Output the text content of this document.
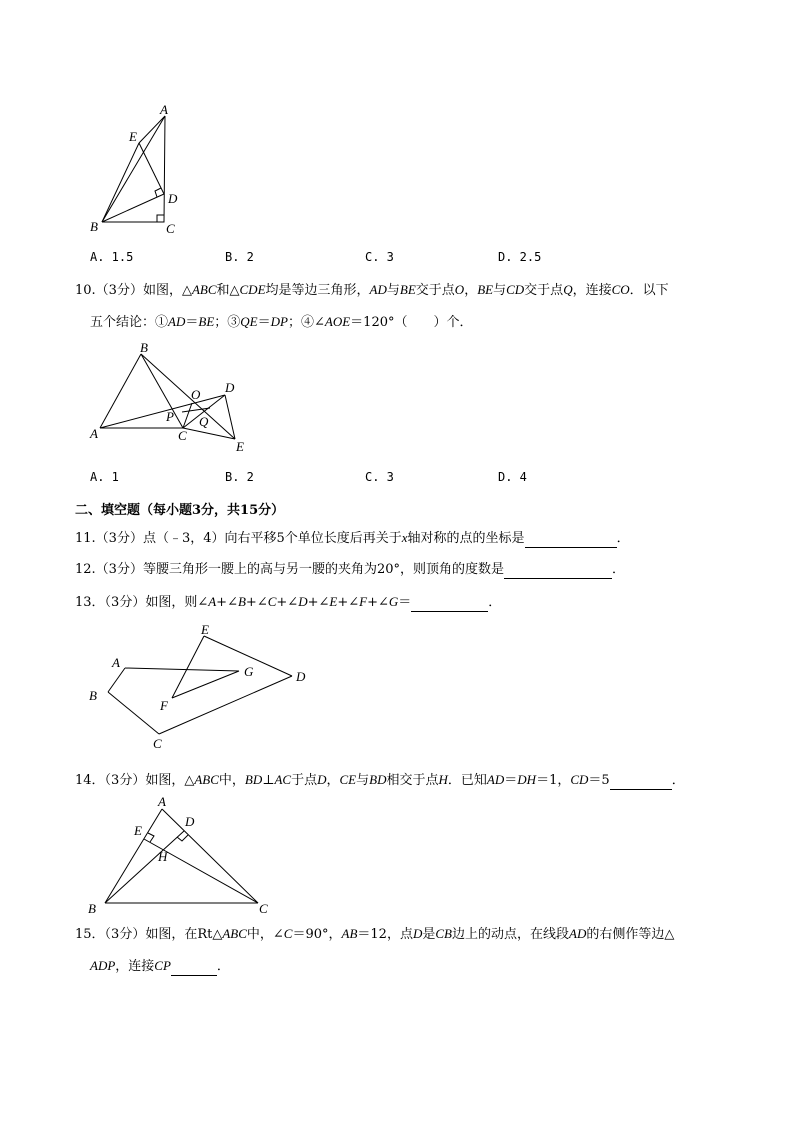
A
E
D
B	C
A. 1.5	B. 2	C. 3	D. 2.5
10.（3分）如图，△ABC和△CDE均是等边三角形，AD与BE交于点O，BE与CD交于点Q，连接CO．以下
五个结论：①AD＝BE；③QE＝DP；④∠AOE＝120°（　　）个．
B
O D
P Q
A	C
E
A. 1	B. 2	C. 3	D. 4
二、填空题（每小题3分，共15分）
11.（3分）点（﹣3，4）向右平移5个单位长度后再关于x轴对称的点的坐标是	．
12.（3分）等腰三角形一腰上的高与另一腰的夹角为20°，则顶角的度数是	．
13．（3分）如图，则∠A+∠B+∠C+∠D+∠E+∠F+∠G＝	．
E
A
G	D
B
F
C
14．（3分）如图，△ABC中，BD⊥AC于点D，CE与BD相交于点H．已知AD＝DH＝1，CD＝5	．
A
E
D
H
B	C
15．（3分）如图，在Rt△ABC中，∠C＝90°，AB＝12，点D是CB边上的动点，在线段AD的右侧作等边△
ADP，连接CP	．
